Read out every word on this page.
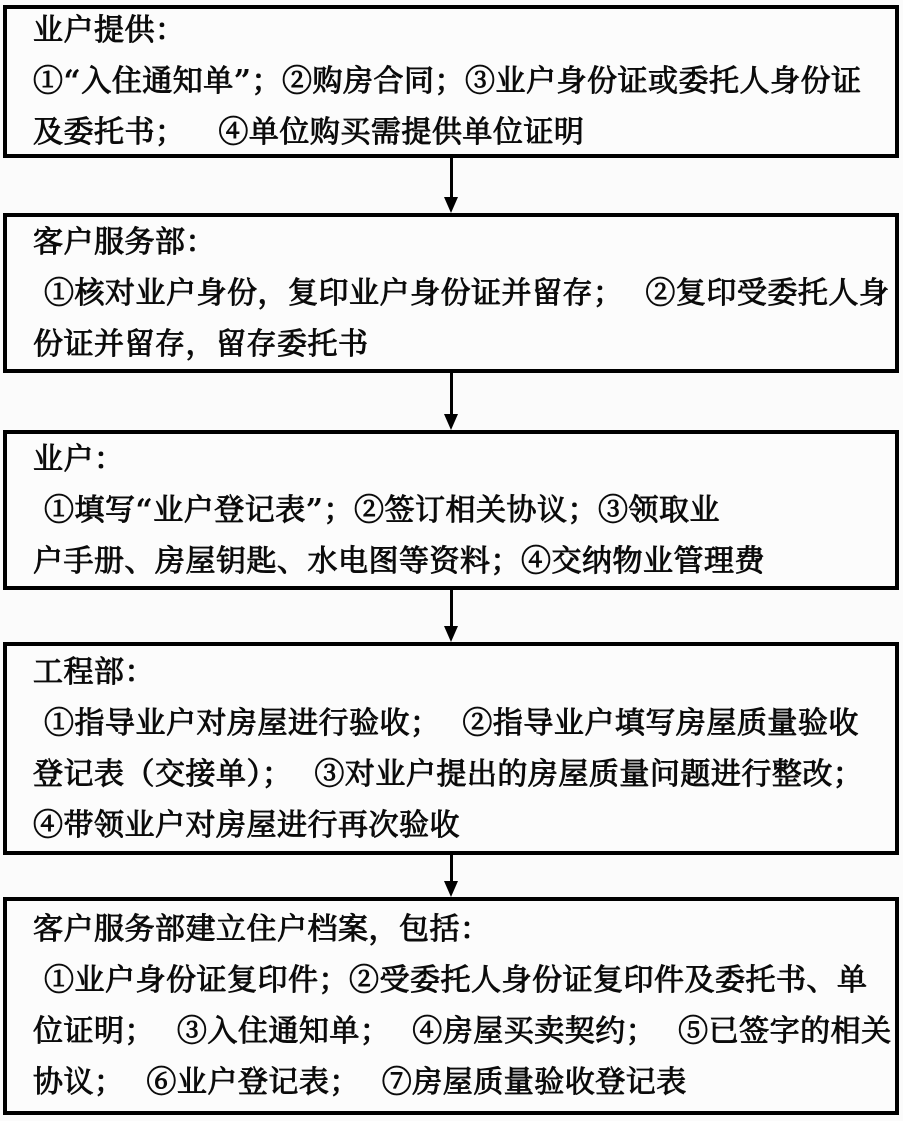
业户提供：
①“入住通知单”；②购房合同；③业户身份证或委托人身份证
及委托书；   ④单位购买需提供单位证明
客户服务部：
①核对业户身份，复印业户身份证并留存；  ②复印受委托人身
份证并留存，留存委托书
业户：
①填写“业户登记表”；②签订相关协议；③领取业
户手册、房屋钥匙、水电图等资料；④交纳物业管理费
工程部：
①指导业户对房屋进行验收；  ②指导业户填写房屋质量验收
登记表（交接单）；  ③对业户提出的房屋质量问题进行整改；
④带领业户对房屋进行再次验收
客户服务部建立住户档案，包括：
①业户身份证复印件；②受委托人身份证复印件及委托书、单
位证明；  ③入住通知单；  ④房屋买卖契约；  ⑤已签字的相关
协议；  ⑥业户登记表；  ⑦房屋质量验收登记表
